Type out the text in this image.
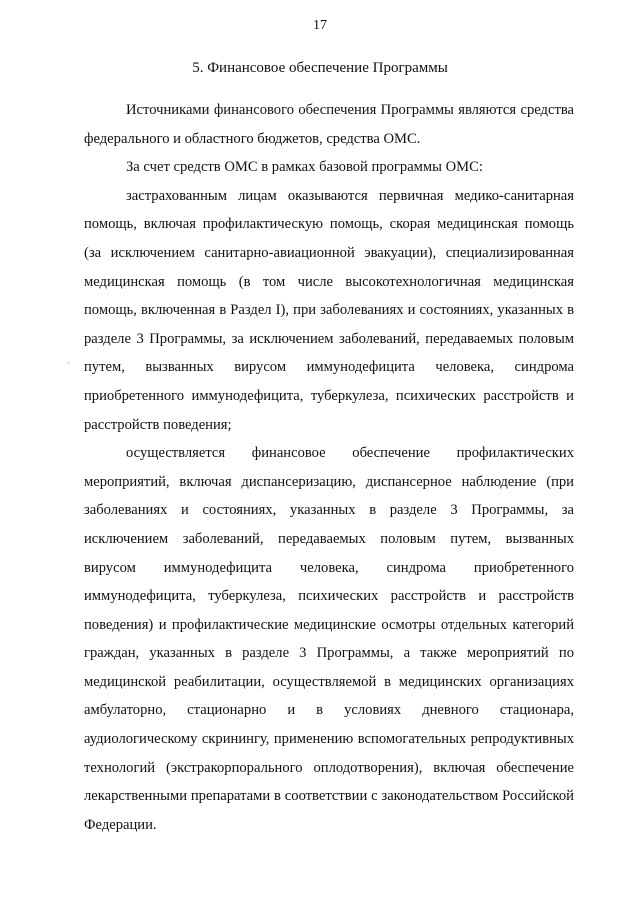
17
5. Финансовое обеспечение Программы

Источниками финансового обеспечения Программы являются средства федерального и областного бюджетов, средства ОМС.

За счет средств ОМС в рамках базовой программы ОМС:

застрахованным лицам оказываются первичная медико-санитарная помощь, включая профилактическую помощь, скорая медицинская помощь (за исключением санитарно-авиационной эвакуации), специализированная медицинская помощь (в том числе высокотехнологичная медицинская помощь, включенная в Раздел I), при заболеваниях и состояниях, указанных в разделе 3 Программы, за исключением заболеваний, передаваемых половым путем, вызванных вирусом иммунодефицита человека, синдрома приобретенного иммунодефицита, туберкулеза, психических расстройств и расстройств поведения;

осуществляется финансовое обеспечение профилактических мероприятий, включая диспансеризацию, диспансерное наблюдение (при заболеваниях и состояниях, указанных в разделе 3 Программы, за исключением заболеваний, передаваемых половым путем, вызванных вирусом иммунодефицита человека, синдрома приобретенного иммунодефицита, туберкулеза, психических расстройств и расстройств поведения) и профилактические медицинские осмотры отдельных категорий граждан, указанных в разделе 3 Программы, а также мероприятий по медицинской реабилитации, осуществляемой в медицинских организациях амбулаторно, стационарно и в условиях дневного стационара, аудиологическому скринингу, применению вспомогательных репродуктивных технологий (экстракорпорального оплодотворения), включая обеспечение лекарственными препаратами в соответствии с законодательством Российской Федерации.
